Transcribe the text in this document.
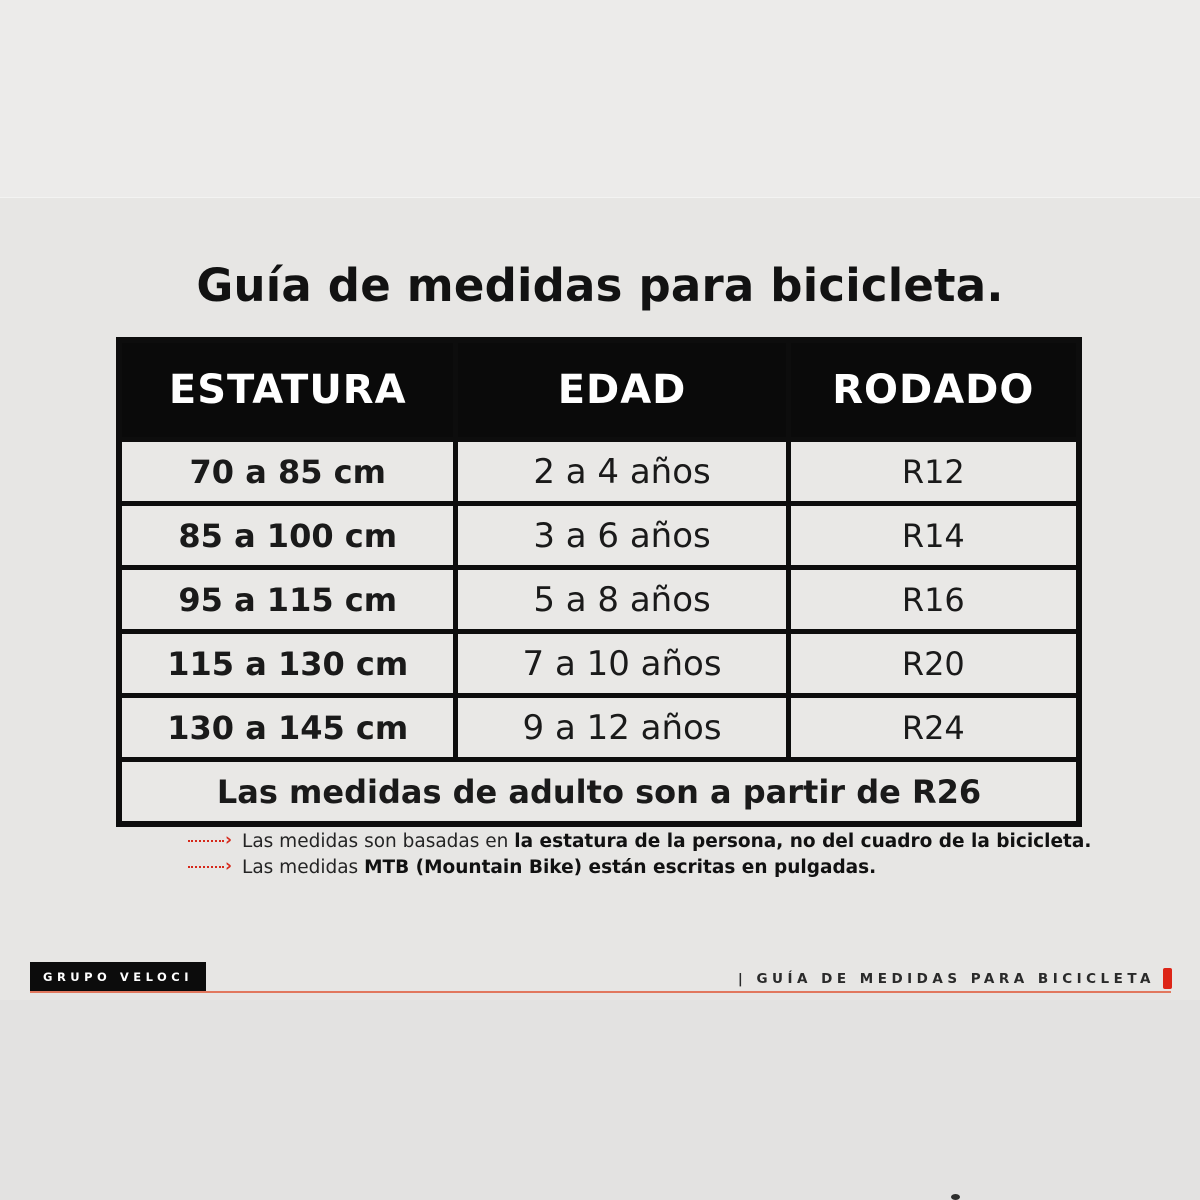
Guía de medidas para bicicleta.
ESTATURA	EDAD	RODADO
70 a 85 cm	2 a 4 años	R12
85 a 100 cm	3 a 6 años	R14
95 a 115 cm	5 a 8 años	R16
115 a 130 cm	7 a 10 años	R20
130 a 145 cm	9 a 12 años	R24
Las medidas de adulto son a partir de R26		
› Las medidas son basadas en la estatura de la persona, no del cuadro de la bicicleta.
› Las medidas MTB (Mountain Bike) están escritas en pulgadas.
GRUPO VELOCI	| GUÍA DE MEDIDAS PARA BICICLETA
